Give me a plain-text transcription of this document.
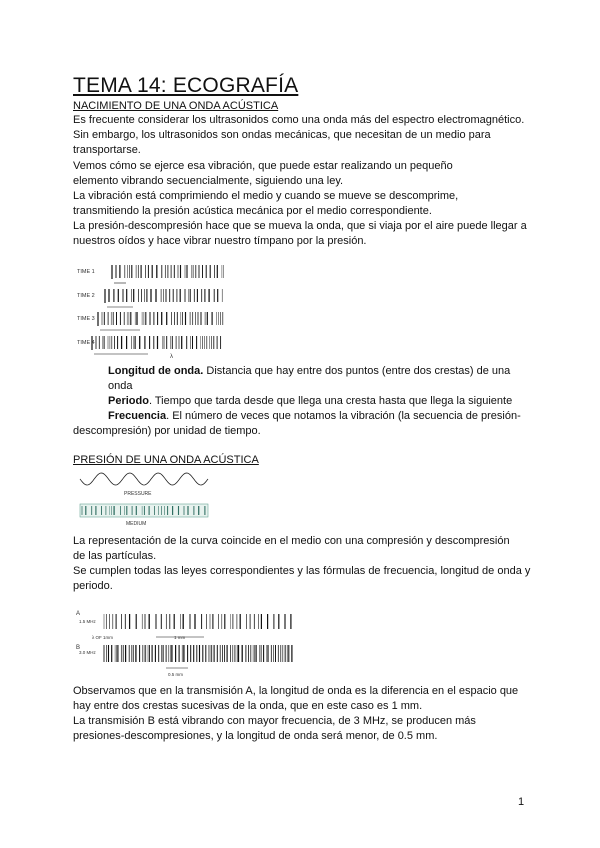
TEMA 14: ECOGRAFÍA
NACIMIENTO DE UNA ONDA ACÚSTICA

Es frecuente considerar los ultrasonidos como una onda más del espectro electromagnético.

Sin embargo, los ultrasonidos son ondas mecánicas, que necesitan de un medio para transportarse.

Vemos cómo se ejerce esa vibración, que puede estar realizando un pequeño elemento vibrando secuencialmente, siguiendo una ley.

La vibración está comprimiendo el medio y cuando se mueve se descomprime, transmitiendo la presión acústica mecánica por el medio correspondiente.

La presión-descompresión hace que se mueva la onda, que si viaja por el aire puede llegar a nuestros oídos y hace vibrar nuestro tímpano por la presión.

TIME 1
TIME 2
TIME 3
TIME 4
λ

Longitud de onda. Distancia que hay entre dos puntos (entre dos crestas) de una onda

Periodo. Tiempo que tarda desde que llega una cresta hasta que llega la siguiente

Frecuencia. El número de veces que notamos la vibración (la secuencia de presión-descompresión) por unidad de tiempo.

PRESIÓN DE UNA ONDA ACÚSTICA
PRESSURE
MEDIUM

La representación de la curva coincide en el medio con una compresión y descompresión de las partículas.

Se cumplen todas las leyes correspondientes y las fórmulas de frecuencia, longitud de onda y periodo.

A
1.5 MHz
λ OF 1mm
B
3.0 MHz
1 mm
0.5 mm

Observamos que en la transmisión A, la longitud de onda es la diferencia en el espacio que hay entre dos crestas sucesivas de la onda, que en este caso es 1 mm.

La transmisión B está vibrando con mayor frecuencia, de 3 MHz, se producen más presiones-descompresiones, y la longitud de onda será menor, de 0.5 mm.

1
